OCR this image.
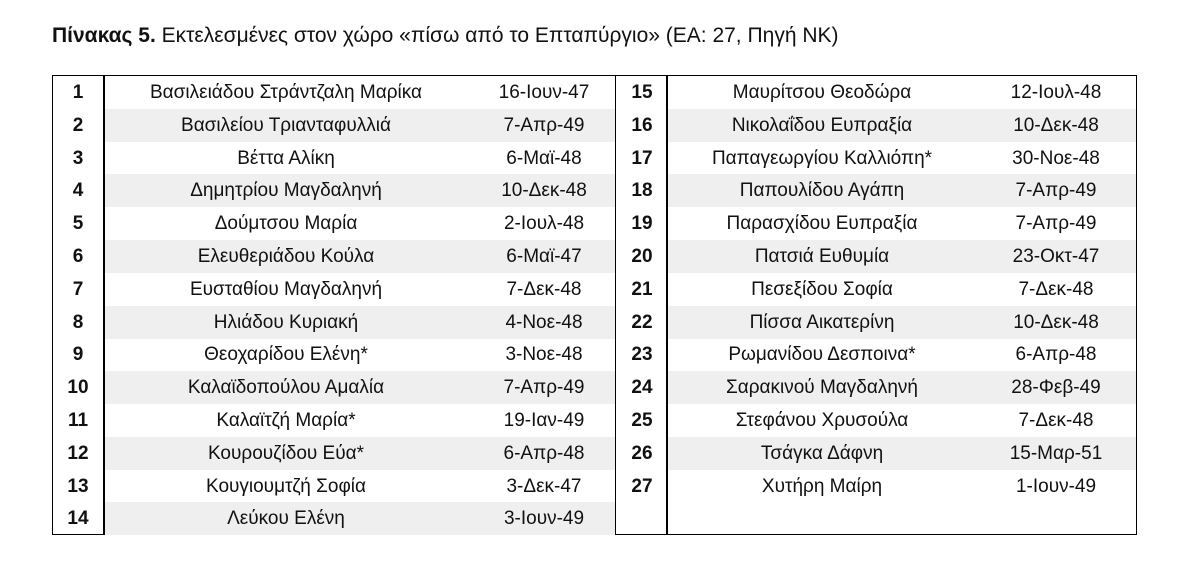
Πίνακας 5. Εκτελεσμένες στον χώρο «πίσω από το Επταπύργιο» (ΕΑ: 27, Πηγή ΝΚ)
1	Βασιλειάδου Στράντζαλη Μαρίκα	16-Ιουν-47
2	Βασιλείου Τριανταφυλλιά	7-Απρ-49
3	Βέττα Αλίκη	6-Μαϊ-48
4	Δημητρίου Μαγδαληνή	10-Δεκ-48
5	Δούμτσου Μαρία	2-Ιουλ-48
6	Ελευθεριάδου Κούλα	6-Μαϊ-47
7	Ευσταθίου Μαγδαληνή	7-Δεκ-48
8	Ηλιάδου Κυριακή	4-Νοε-48
9	Θεοχαρίδου Ελένη*	3-Νοε-48
10	Καλαϊδοπούλου Αμαλία	7-Απρ-49
11	Καλαϊτζή Μαρία*	19-Ιαν-49
12	Κουρουζίδου Εύα*	6-Απρ-48
13	Κουγιουμτζή Σοφία	3-Δεκ-47
14	Λεύκου Ελένη	3-Ιουν-49
15	Μαυρίτσου Θεοδώρα	12-Ιουλ-48
16	Νικολαΐδου Ευπραξία	10-Δεκ-48
17	Παπαγεωργίου Καλλιόπη*	30-Νοε-48
18	Παπουλίδου Αγάπη	7-Απρ-49
19	Παρασχίδου Ευπραξία	7-Απρ-49
20	Πατσιά Ευθυμία	23-Οκτ-47
21	Πεσεξίδου Σοφία	7-Δεκ-48
22	Πίσσα Αικατερίνη	10-Δεκ-48
23	Ρωμανίδου Δεσποινα*	6-Απρ-48
24	Σαρακινού Μαγδαληνή	28-Φεβ-49
25	Στεφάνου Χρυσούλα	7-Δεκ-48
26	Τσάγκα Δάφνη	15-Μαρ-51
27	Χυτήρη Μαίρη	1-Ιουν-49
